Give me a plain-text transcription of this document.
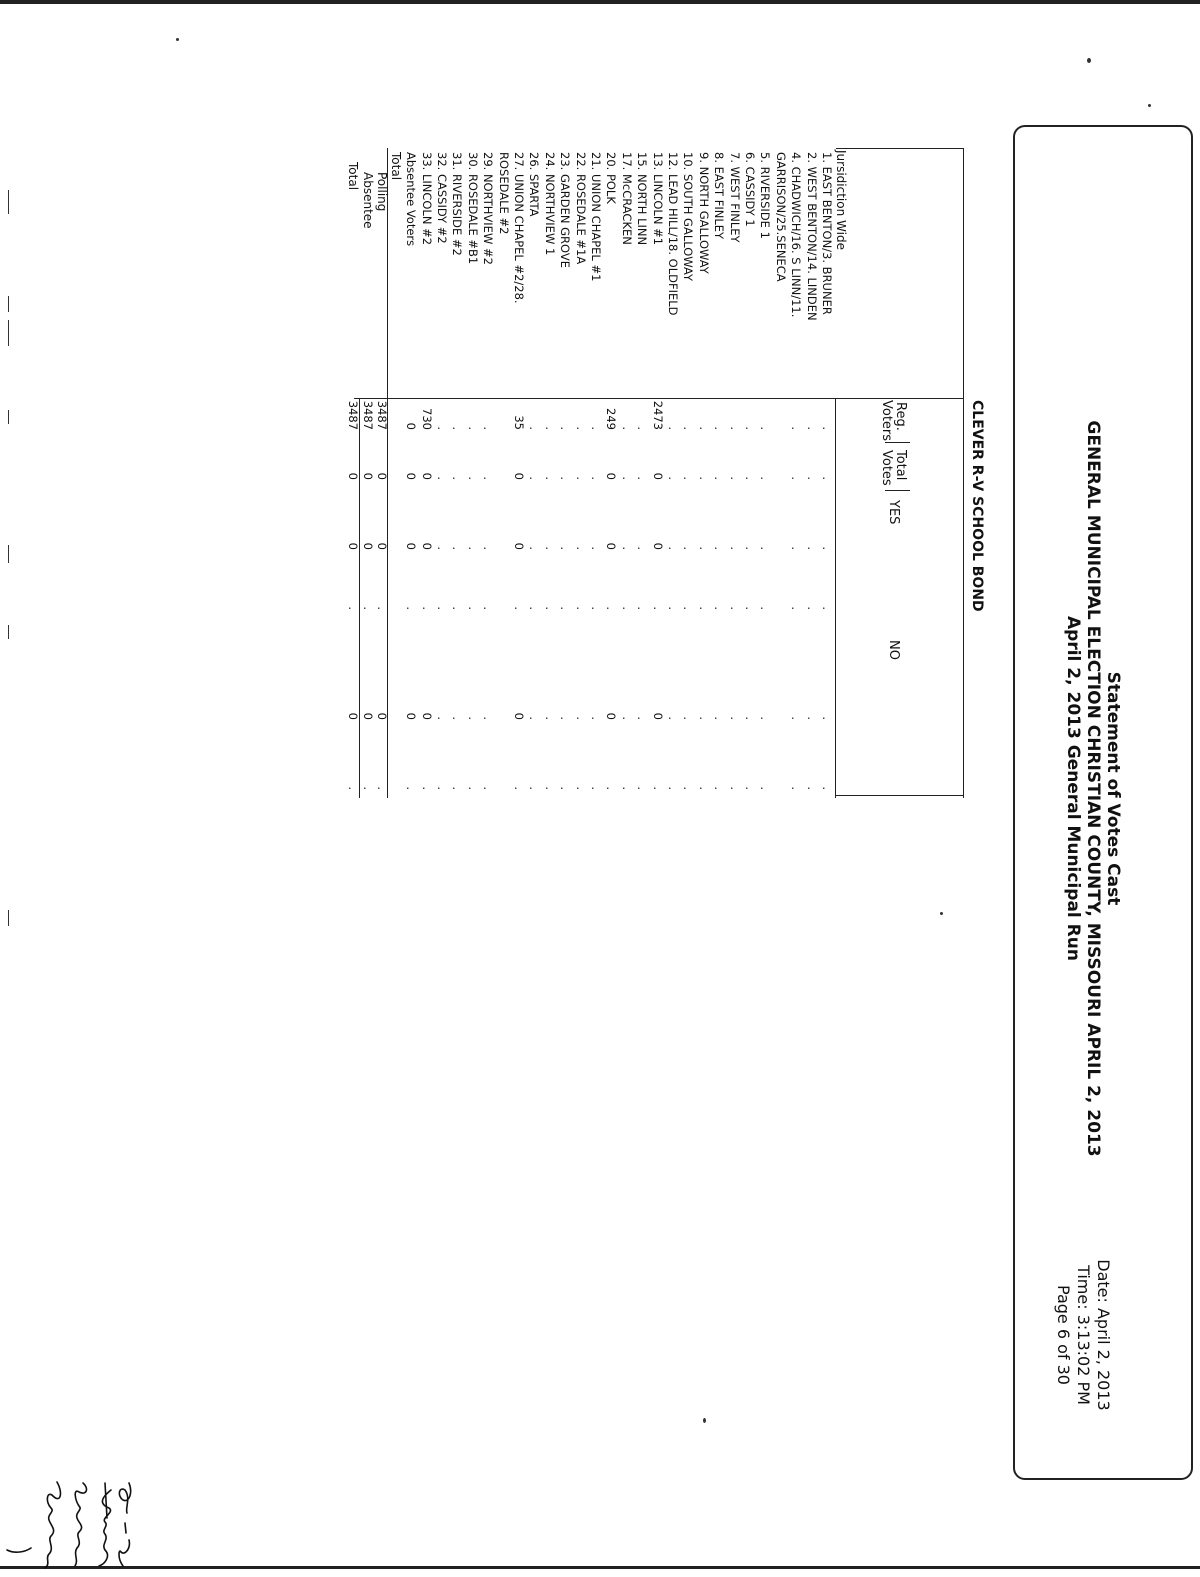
Statement of Votes Cast
GENERAL MUNICIPAL ELECTION CHRISTIAN COUNTY, MISSOURI APRIL 2, 2013
April 2, 2013 General Municipal Run
Date: April 2, 2013
Time: 3:13:02 PM
Page 6 of 30
CLEVER R-V SCHOOL BOND
Reg.
Voters
Total
Votes
YES
NO
Jursidiction Wide
1. EAST BENTON/3. BRUNER
.
.
.
.
.
.
2. WEST BENTON/14. LINDEN
.
.
.
.
.
.
4. CHADWICH/16. S LINN/11.
.
.
.
.
.
.
GARRISON/25.SENECA
5. RIVERSIDE 1
.
.
.
.
.
.
6. CASSIDY 1
.
.
.
.
.
.
7. WEST FINLEY
.
.
.
.
.
.
8. EAST FINLEY
.
.
.
.
.
.
9. NORTH GALLOWAY
.
.
.
.
.
.
10. SOUTH GALLOWAY
.
.
.
.
.
.
12. LEAD HILL/18. OLDFIELD
.
.
.
.
.
.
13. LINCOLN #1
2473
0
0
.
0
.
15. NORTH LINN
.
.
.
.
.
.
17. McCRACKEN
.
.
.
.
.
.
20. POLK
249
0
0
.
0
.
21. UNION CHAPEL #1
.
.
.
.
.
.
22. ROSEDALE #1A
.
.
.
.
.
.
23. GARDEN GROVE
.
.
.
.
.
.
24. NORTHVIEW 1
.
.
.
.
.
.
26. SPARTA
.
.
.
.
.
.
27. UNION CHAPEL #2/28.
35
0
0
.
0
.
ROSEDALE #2
29. NORTHVIEW #2
.
.
.
.
.
.
30. ROSEDALE #B1
.
.
.
.
.
.
31. RIVERSIDE #2
.
.
.
.
.
.
32. CASSIDY #2
.
.
.
.
.
.
33. LINCOLN #2
730
0
0
.
0
.
Absentee Voters
0
0
0
.
0
.
Total
Polling
3487
0
0
.
0
.
Absentee
3487
0
0
.
0
.
Total
3487
0
0
.
0
.
